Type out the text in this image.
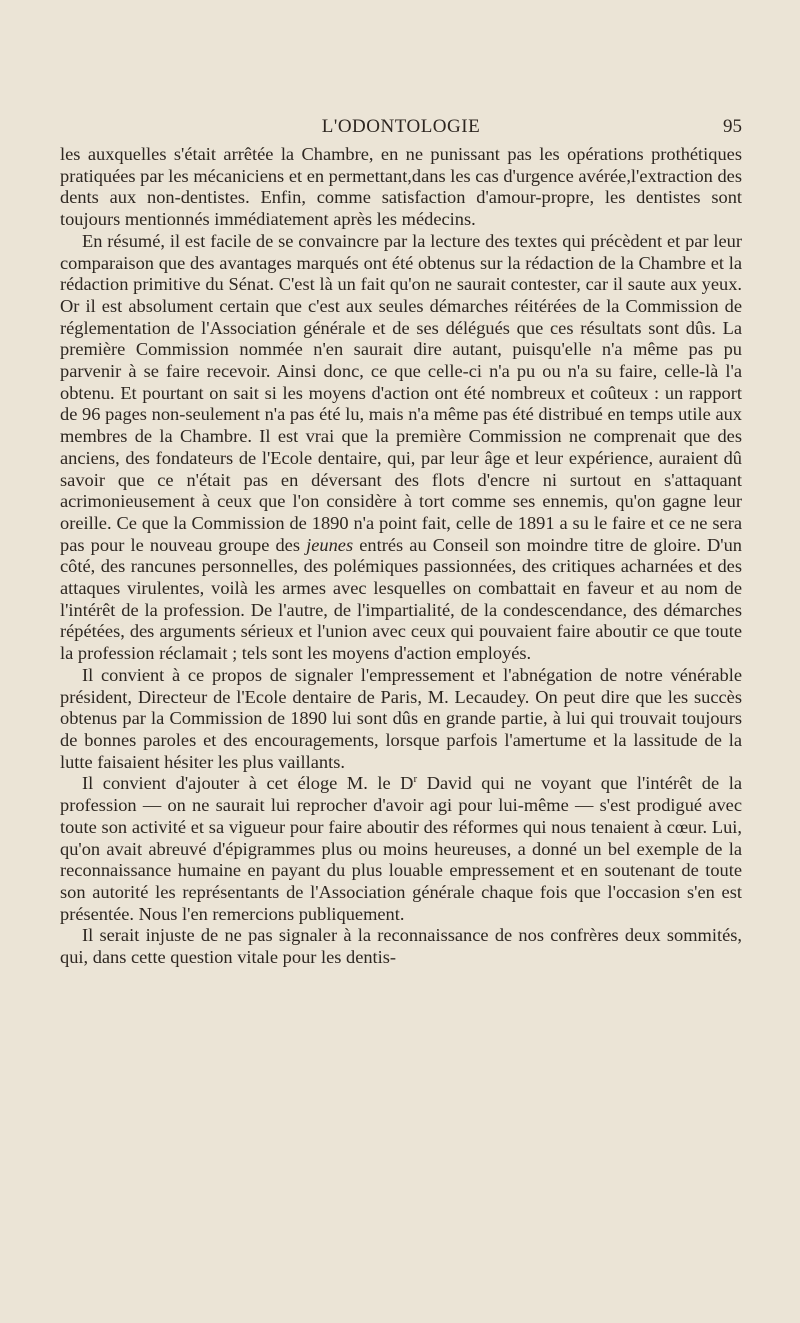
L'ODONTOLOGIE	95

les auxquelles s'était arrêtée la Chambre, en ne punissant pas les opérations prothétiques pratiquées par les mécaniciens et en permettant,dans les cas d'urgence avérée,l'extraction des dents aux non-dentistes. Enfin, comme satisfaction d'amour-propre, les dentistes sont toujours mentionnés immédiatement après les médecins.

En résumé, il est facile de se convaincre par la lecture des textes qui précèdent et par leur comparaison que des avantages marqués ont été obtenus sur la rédaction de la Chambre et la rédaction primitive du Sénat. C'est là un fait qu'on ne saurait contester, car il saute aux yeux. Or il est absolument certain que c'est aux seules démarches réitérées de la Commission de réglementation de l'Association générale et de ses délégués que ces résultats sont dûs. La première Commission nommée n'en saurait dire autant, puisqu'elle n'a même pas pu parvenir à se faire recevoir. Ainsi donc, ce que celle-ci n'a pu ou n'a su faire, celle-là l'a obtenu. Et pourtant on sait si les moyens d'action ont été nombreux et coûteux : un rapport de 96 pages non-seulement n'a pas été lu, mais n'a même pas été distribué en temps utile aux membres de la Chambre. Il est vrai que la première Commission ne comprenait que des anciens, des fondateurs de l'Ecole dentaire, qui, par leur âge et leur expérience, auraient dû savoir que ce n'était pas en déversant des flots d'encre ni surtout en s'attaquant acrimonieusement à ceux que l'on considère à tort comme ses ennemis, qu'on gagne leur oreille. Ce que la Commission de 1890 n'a point fait, celle de 1891 a su le faire et ce ne sera pas pour le nouveau groupe des jeunes entrés au Conseil son moindre titre de gloire. D'un côté, des rancunes personnelles, des polémiques passionnées, des critiques acharnées et des attaques virulentes, voilà les armes avec lesquelles on combattait en faveur et au nom de l'intérêt de la profession. De l'autre, de l'impartialité, de la condescendance, des démarches répétées, des arguments sérieux et l'union avec ceux qui pouvaient faire aboutir ce que toute la profession réclamait ; tels sont les moyens d'action employés.

Il convient à ce propos de signaler l'empressement et l'abnégation de notre vénérable président, Directeur de l'Ecole dentaire de Paris, M. Lecaudey. On peut dire que les succès obtenus par la Commission de 1890 lui sont dûs en grande partie, à lui qui trouvait toujours de bonnes paroles et des encouragements, lorsque parfois l'amertume et la lassitude de la lutte faisaient hésiter les plus vaillants.

Il convient d'ajouter à cet éloge M. le $D^r$ David qui ne voyant que l'intérêt de la profession — on ne saurait lui reprocher d'avoir agi pour lui-même — s'est prodigué avec toute son activité et sa vigueur pour faire aboutir des réformes qui nous tenaient à cœur. Lui, qu'on avait abreuvé d'épigrammes plus ou moins heureuses, a donné un bel exemple de la reconnaissance humaine en payant du plus louable empressement et en soutenant de toute son autorité les représentants de l'Association générale chaque fois que l'occasion s'en est présentée. Nous l'en remercions publiquement.

Il serait injuste de ne pas signaler à la reconnaissance de nos confrères deux sommités, qui, dans cette question vitale pour les dentis-
